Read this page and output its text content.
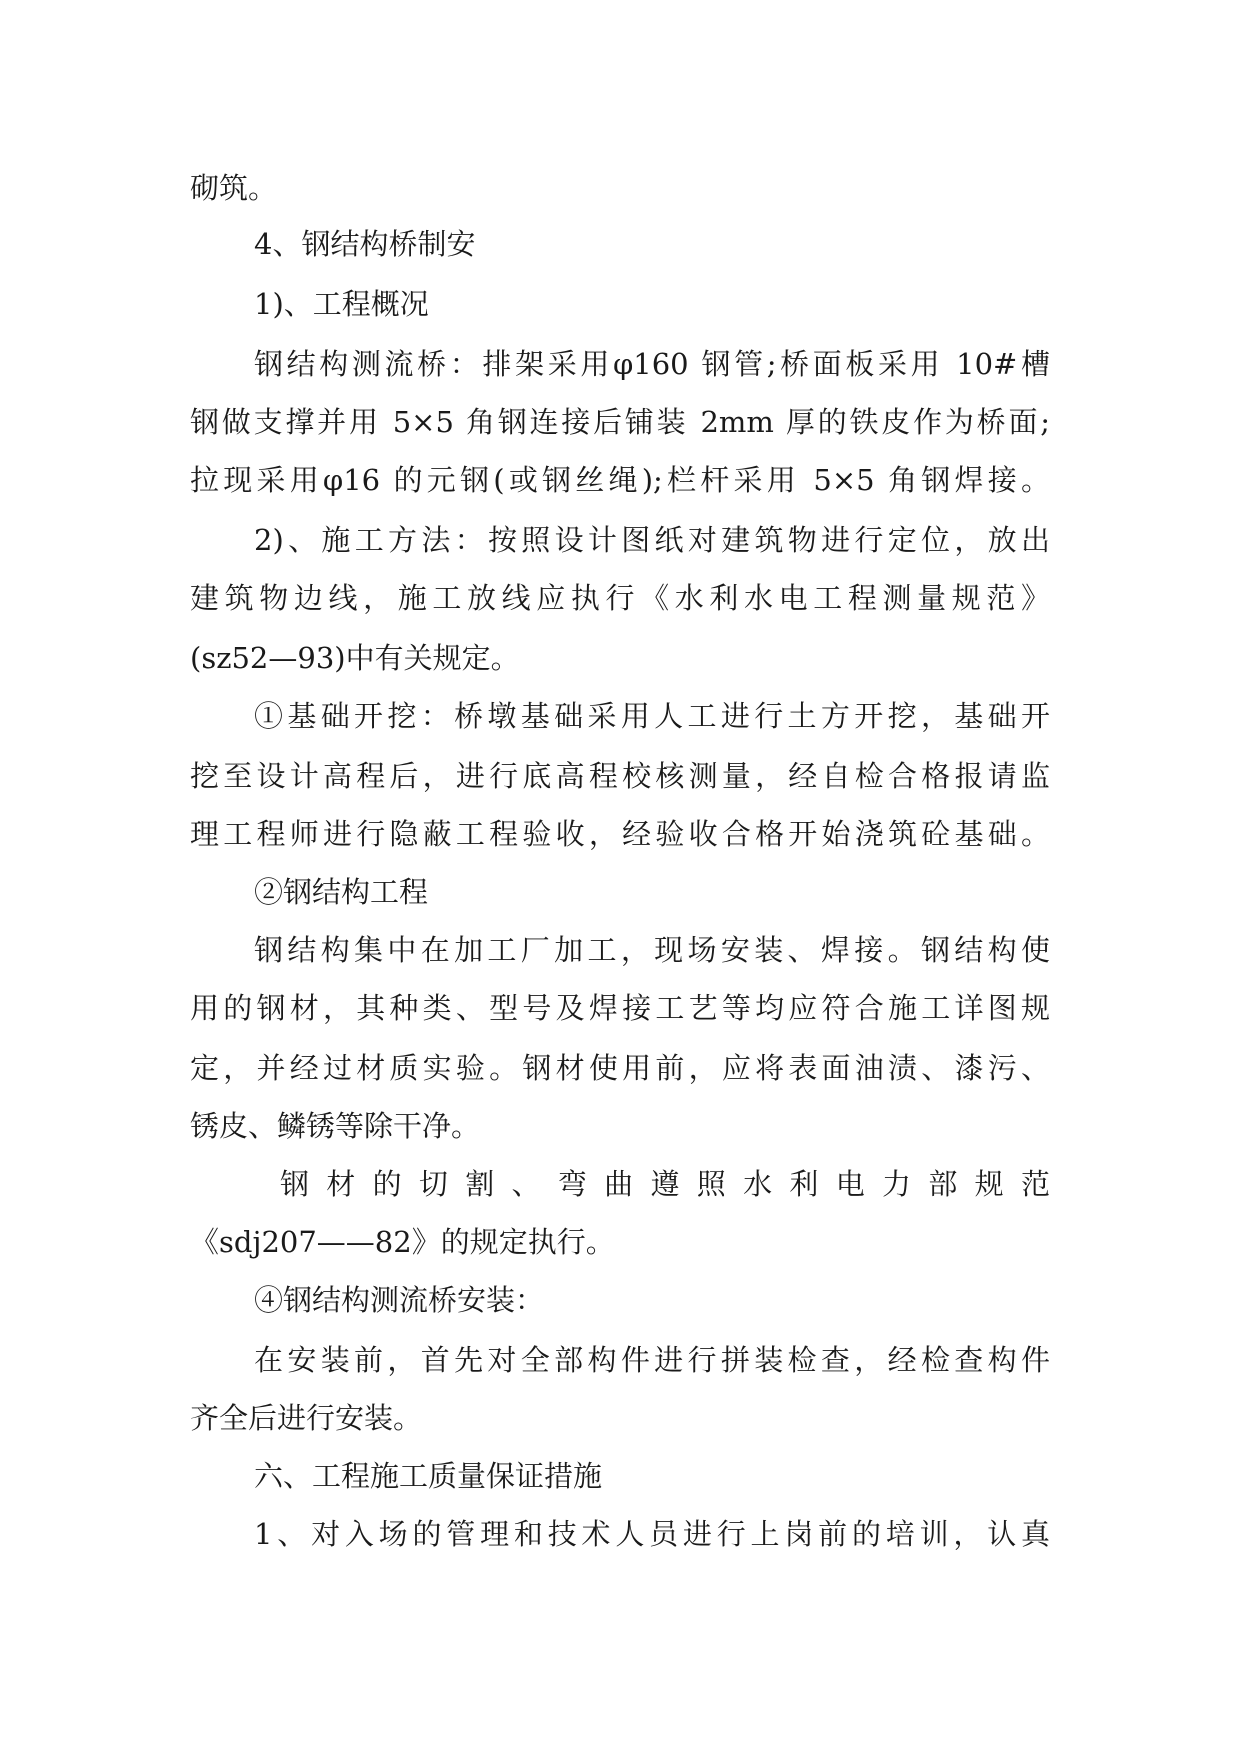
砌筑。
4、钢结构桥制安
1)、工程概况
钢结构测流桥：排架采用φ160 钢管;桥面板采用 10#槽
钢做支撑并用 5×5 角钢连接后铺装 2mm 厚的铁皮作为桥面;
拉现采用φ16 的元钢(或钢丝绳);栏杆采用 5×5 角钢焊接。
2)、施工方法：按照设计图纸对建筑物进行定位，放出
建筑物边线，施工放线应执行《水利水电工程测量规范》
(sz52—93)中有关规定。
①基础开挖：桥墩基础采用人工进行土方开挖，基础开
挖至设计高程后，进行底高程校核测量，经自检合格报请监
理工程师进行隐蔽工程验收，经验收合格开始浇筑砼基础。
②钢结构工程
钢结构集中在加工厂加工，现场安装、焊接。钢结构使
用的钢材，其种类、型号及焊接工艺等均应符合施工详图规
定，并经过材质实验。钢材使用前，应将表面油渍、漆污、
锈皮、鳞锈等除干净。
钢材的切割、弯曲遵照水利电力部规范
《sdj207——82》的规定执行。
④钢结构测流桥安装：
在安装前，首先对全部构件进行拼装检查，经检查构件
齐全后进行安装。
六、工程施工质量保证措施
1、对入场的管理和技术人员进行上岗前的培训，认真
